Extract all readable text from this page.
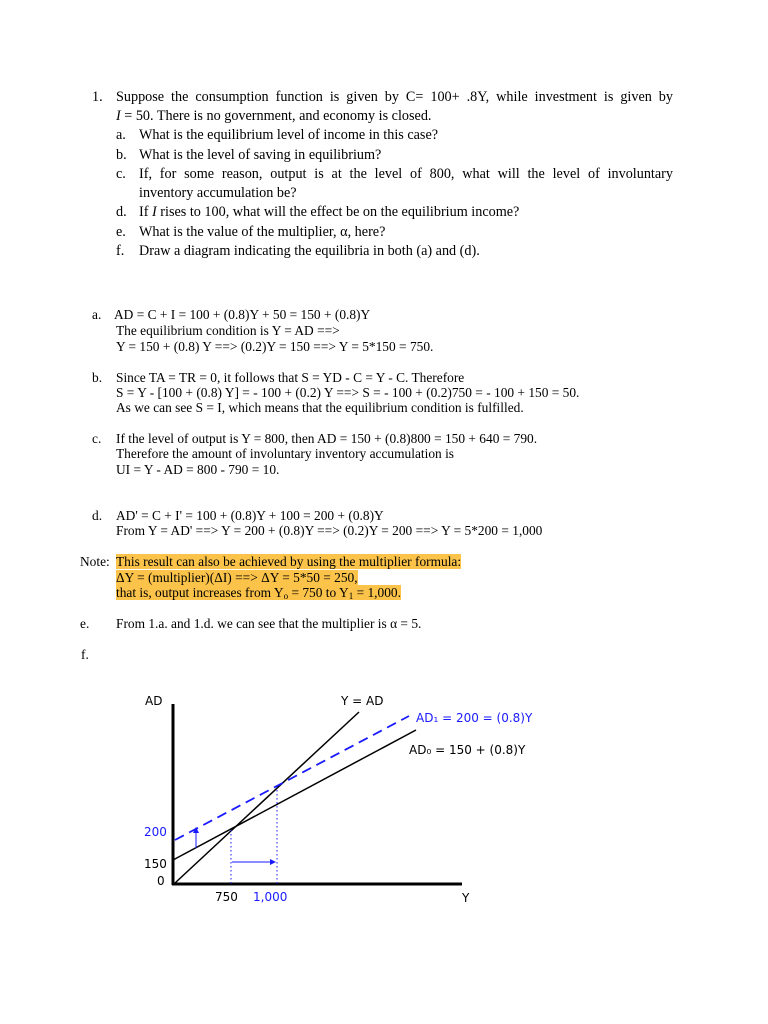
1. Suppose the consumption function is given by C= 100+ .8Y, while investment is given by
I = 50. There is no government, and economy is closed.
a. What is the equilibrium level of income in this case?
b. What is the level of saving in equilibrium?
c. If, for some reason, output is at the level of 800, what will the level of involuntary
inventory accumulation be?
d. If I rises to 100, what will the effect be on the equilibrium income?
e. What is the value of the multiplier, α, here?
f. Draw a diagram indicating the equilibria in both (a) and (d).
a. AD = C + I = 100 + (0.8)Y + 50 = 150 + (0.8)Y
The equilibrium condition is Y = AD ==>
Y = 150 + (0.8) Y ==> (0.2)Y = 150 ==> Y = 5*150 = 750.
b. Since TA = TR = 0, it follows that S = YD - C = Y - C. Therefore
S = Y - [100 + (0.8) Y] = - 100 + (0.2) Y ==> S = - 100 + (0.2)750 = - 100 + 150 = 50.
As we can see S = I, which means that the equilibrium condition is fulfilled.
c. If the level of output is Y = 800, then AD = 150 + (0.8)800 = 150 + 640 = 790.
Therefore the amount of involuntary inventory accumulation is
UI = Y - AD = 800 - 790 = 10.
d. AD' = C + I' = 100 + (0.8)Y + 100 = 200 + (0.8)Y
From Y = AD' ==> Y = 200 + (0.8)Y ==> (0.2)Y = 200 ==> Y = 5*200 = 1,000
Note: This result can also be achieved by using the multiplier formula:
ΔY = (multiplier)(ΔI) ==> ΔY = 5*50 = 250,
that is, output increases from $Y_o = 750$ to $Y_1 = 1,000$.
e. From 1.a. and 1.d. we can see that the multiplier is α = 5.
f.
AD	Y = AD
AD₁ = 200 = (0.8)Y
AD₀ = 150 + (0.8)Y
200
150
0
750 1,000	Y
